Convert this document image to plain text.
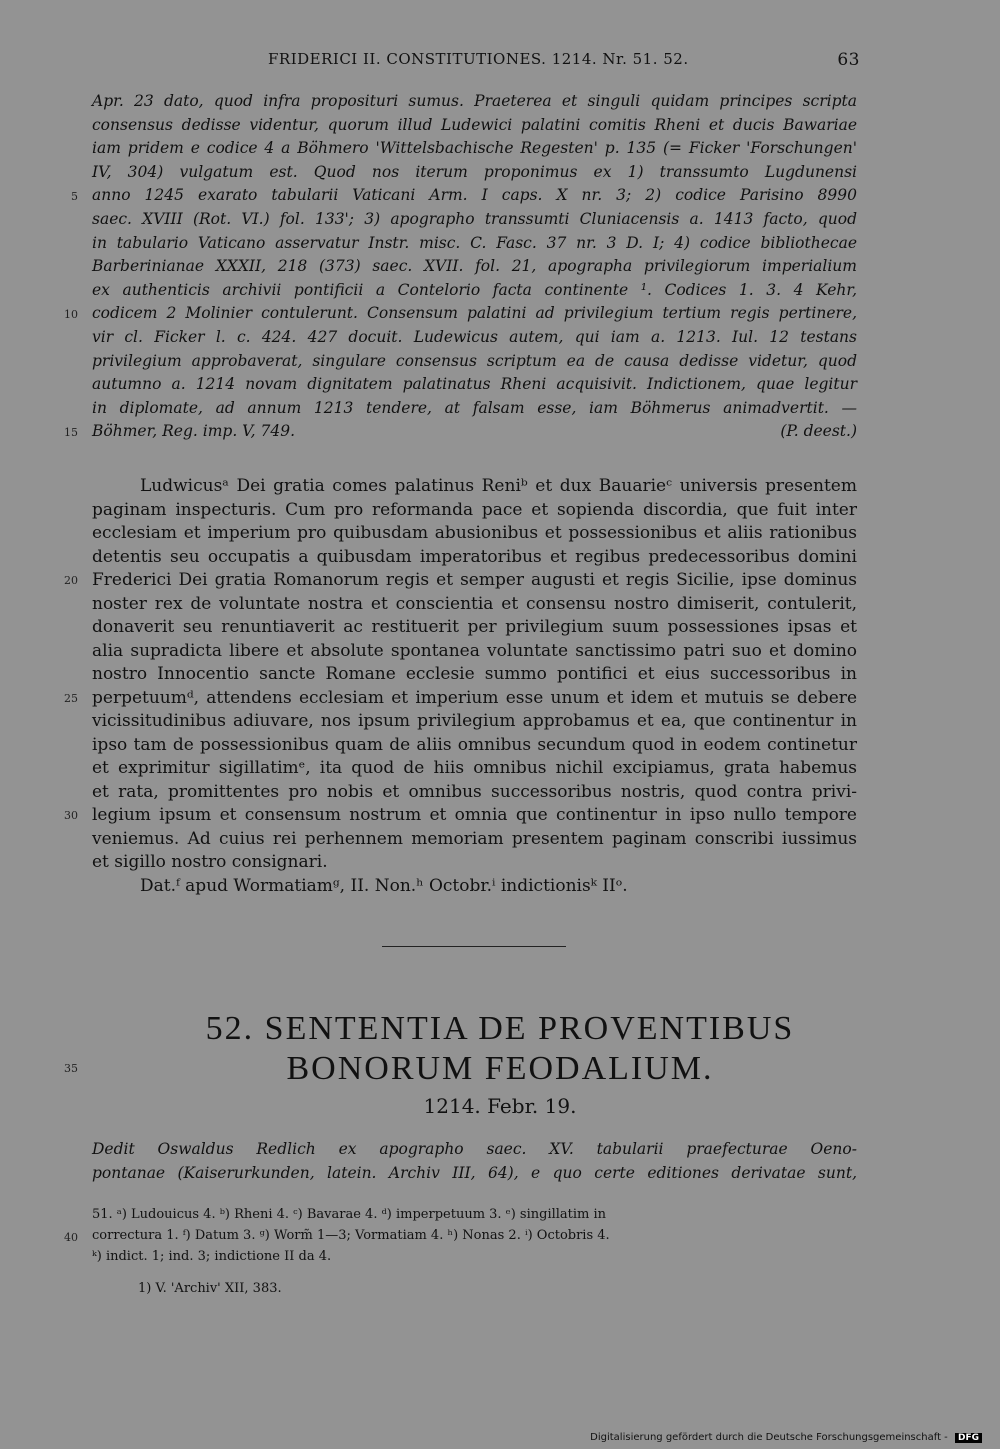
FRIDERICI II. CONSTITUTIONES. 1214. Nr. 51. 52.	63
Apr. 23 dato, quod infra proposituri sumus. Praeterea et singuli quidam principes scripta
consensus dedisse videntur, quorum illud Ludewici palatini comitis Rheni et ducis Bawariae
iam pridem e codice 4 a Böhmero 'Wittelsbachische Regesten' p. 135 (= Ficker 'Forschungen'
IV, 304) vulgatum est. Quod nos iterum proponimus ex 1) transsumto Lugdunensi
anno 1245 exarato tabularii Vaticani Arm. I caps. X nr. 3; 2) codice Parisino 8990
5
saec. XVIII (Rot. VI.) fol. 133'; 3) apographo transsumti Cluniacensis a. 1413 facto, quod
in tabulario Vaticano asservatur Instr. misc. C. Fasc. 37 nr. 3 D. I; 4) codice bibliothecae
Barberinianae XXXII, 218 (373) saec. XVII. fol. 21, apographa privilegiorum imperialium
ex authenticis archivii pontificii a Contelorio facta continente ¹. Codices 1. 3. 4 Kehr,
codicem 2 Molinier contulerunt. Consensum palatini ad privilegium tertium regis pertinere,
10
vir cl. Ficker l. c. 424. 427 docuit. Ludewicus autem, qui iam a. 1213. Iul. 12 testans
privilegium approbaverat, singulare consensus scriptum ea de causa dedisse videtur, quod
autumno a. 1214 novam dignitatem palatinatus Rheni acquisivit. Indictionem, quae legitur
in diplomate, ad annum 1213 tendere, at falsam esse, iam Böhmerus animadvertit. —
Böhmer, Reg. imp. V, 749.
15	(P. deest.)
Ludwicusᵃ Dei gratia comes palatinus Reniᵇ et dux Bauarieᶜ universis presentem
paginam inspecturis. Cum pro reformanda pace et sopienda discordia, que fuit inter
ecclesiam et imperium pro quibusdam abusionibus et possessionibus et aliis rationibus
detentis seu occupatis a quibusdam imperatoribus et regibus predecessoribus domini
Frederici Dei gratia Romanorum regis et semper augusti et regis Sicilie, ipse dominus
20
noster rex de voluntate nostra et conscientia et consensu nostro dimiserit, contulerit,
donaverit seu renuntiaverit ac restituerit per privilegium suum possessiones ipsas et
alia supradicta libere et absolute spontanea voluntate sanctissimo patri suo et domino
nostro Innocentio sancte Romane ecclesie summo pontifici et eius successoribus in
perpetuumᵈ, attendens ecclesiam et imperium esse unum et idem et mutuis se debere
25
vicissitudinibus adiuvare, nos ipsum privilegium approbamus et ea, que continentur in
ipso tam de possessionibus quam de aliis omnibus secundum quod in eodem continetur
et exprimitur sigillatimᵉ, ita quod de hiis omnibus nichil excipiamus, grata habemus
et rata, promittentes pro nobis et omnibus successoribus nostris, quod contra privi-
legium ipsum et consensum nostrum et omnia que continentur in ipso nullo tempore
30
veniemus. Ad cuius rei perhennem memoriam presentem paginam conscribi iussimus
et sigillo nostro consignari.
Dat.ᶠ apud Wormatiamᵍ, II. Non.ʰ Octobr.ⁱ indictionisᵏ IIᵒ.
52. SENTENTIA DE PROVENTIBUS
BONORUM FEODALIUM.
35
1214. Febr. 19.
Dedit Oswaldus Redlich ex apographo saec. XV. tabularii praefecturae Oeno-
pontanae (Kaiserurkunden, latein. Archiv III, 64), e quo certe editiones derivatae sunt,
51. ᵃ) Ludouicus 4. ᵇ) Rheni 4. ᶜ) Bavarae 4. ᵈ) imperpetuum 3. ᵉ) singillatim in
correctura 1. ᶠ) Datum 3. ᵍ) Worm̃ 1—3; Vormatiam 4. ʰ) Nonas 2. ⁱ) Octobris 4.
40
ᵏ) indict. 1; ind. 3; indictione II da 4.
1) V. 'Archiv' XII, 383.
Digitalisierung gefördert durch die Deutsche Forschungsgemeinschaft - DFG
